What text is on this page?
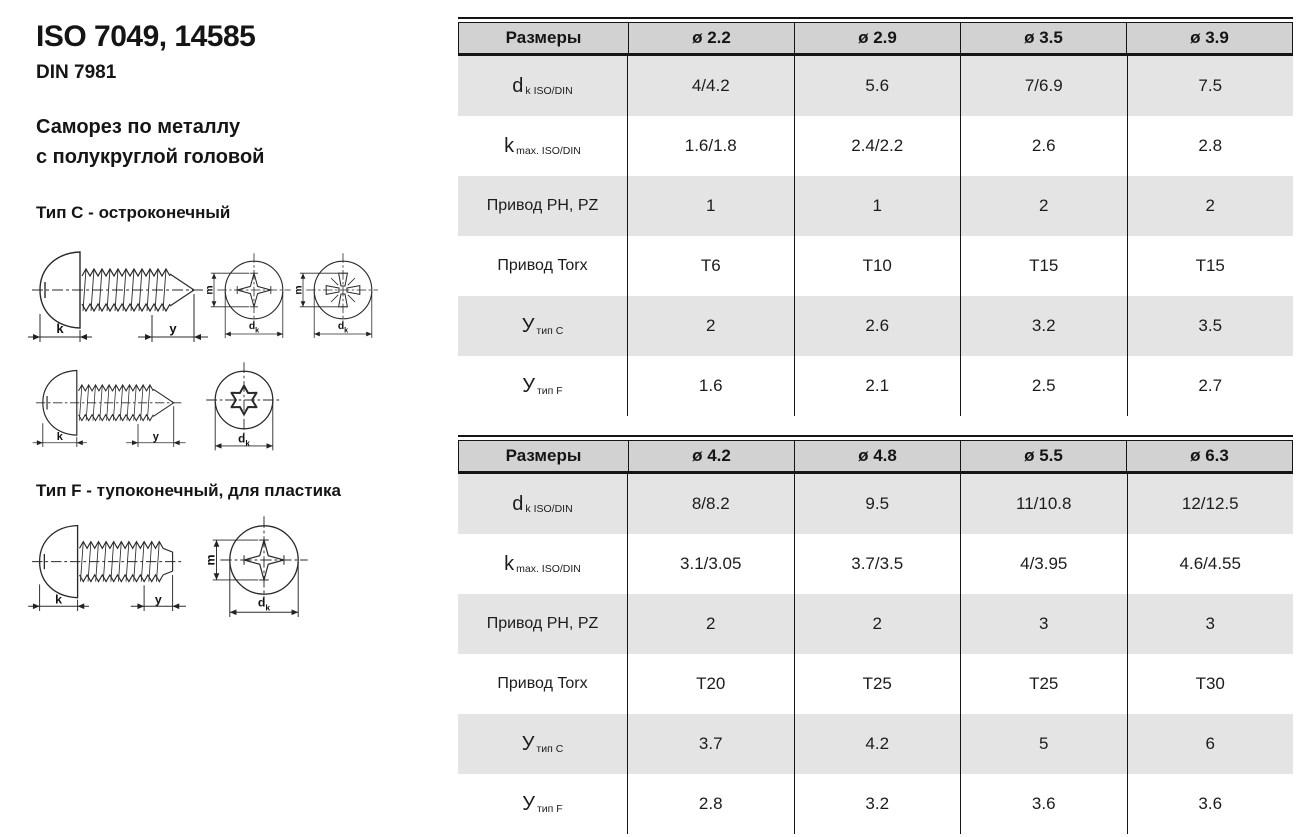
ISO 7049, 14585
DIN 7981
Саморез по металлу
с полукруглой головой
Тип C - остроконечный
k	y
m
$d_k$
m
$d_k$
k	y	$d_k$
Тип F - тупоконечный, для пластика
k	y
m
$d_k$
Размеры	ø 2.2	ø 2.9	ø 3.5	ø 3.9
d k ISO/DIN	4/4.2	5.6	7/6.9	7.5
k max. ISO/DIN	1.6/1.8	2.4/2.2	2.6	2.8
Привод PH, PZ	1	1	2	2
Привод Torx	T6	T10	T15	T15
У тип C	2	2.6	3.2	3.5
У тип F	1.6	2.1	2.5	2.7
Размеры	ø 4.2	ø 4.8	ø 5.5	ø 6.3
d k ISO/DIN	8/8.2	9.5	11/10.8	12/12.5
k max. ISO/DIN	3.1/3.05	3.7/3.5	4/3.95	4.6/4.55
Привод PH, PZ	2	2	3	3
Привод Torx	T20	T25	T25	T30
У тип C	3.7	4.2	5	6
У тип F	2.8	3.2	3.6	3.6
